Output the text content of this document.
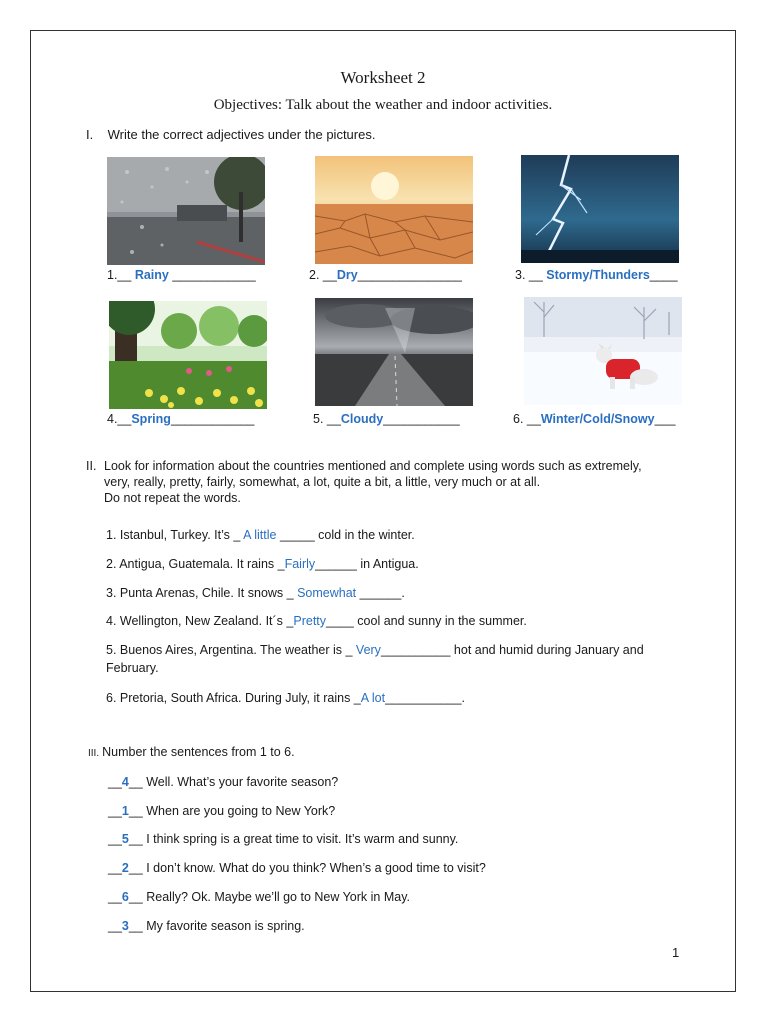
Worksheet 2
Objectives: Talk about the weather and indoor activities.
I. Write the correct adjectives under the pictures.
1.__ Rainy ____________	2. __Dry_______________	3. __ Stormy/Thunders____
4.__Spring____________	5. __Cloudy___________	6. __Winter/Cold/Snowy___
II. Look for information about the countries mentioned and complete using words such as extremely,
very, really, pretty, fairly, somewhat, a lot, quite a bit, a little, very much or at all.
Do not repeat the words.
1. Istanbul, Turkey. It’s _ A little _____ cold in the winter.
2. Antigua, Guatemala. It rains _Fairly______ in Antigua.
3. Punta Arenas, Chile. It snows _ Somewhat ______.
4. Wellington, New Zealand. It´s _Pretty____ cool and sunny in the summer.
5. Buenos Aires, Argentina. The weather is _ Very__________ hot and humid during January and
February.
6. Pretoria, South Africa. During July, it rains _A lot___________.
III. Number the sentences from 1 to 6.
__4__ Well. What’s your favorite season?
__1__ When are you going to New York?
__5__ I think spring is a great time to visit. It’s warm and sunny.
__2__ I don’t know. What do you think? When’s a good time to visit?
__6__ Really? Ok. Maybe we’ll go to New York in May.
__3__ My favorite season is spring.
1
